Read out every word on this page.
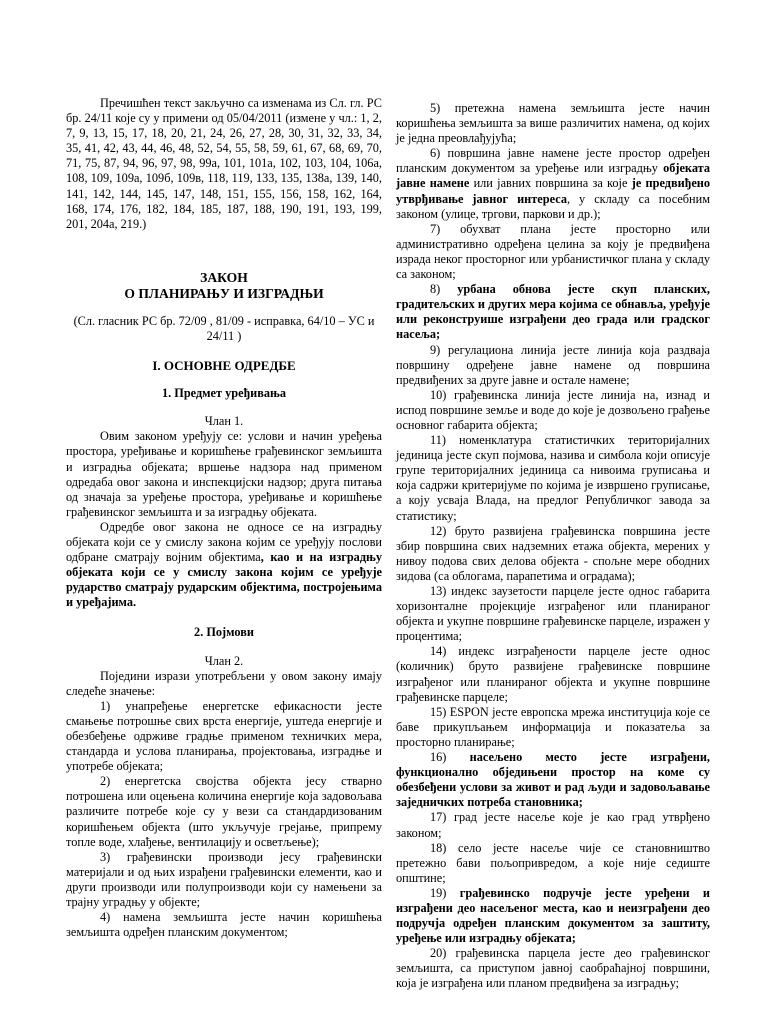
Пречишћен текст закључно са изменама из Сл. гл. РС бр. 24/11 које су у примени од 05/04/2011 (измене у чл.: 1, 2, 7, 9, 13, 15, 17, 18, 20, 21, 24, 26, 27, 28, 30, 31, 32, 33, 34, 35, 41, 42, 43, 44, 46, 48, 52, 54, 55, 58, 59, 61, 67, 68, 69, 70, 71, 75, 87, 94, 96, 97, 98, 99а, 101, 101а, 102, 103, 104, 106а, 108, 109, 109а, 109б, 109в, 118, 119, 133, 135, 138а, 139, 140, 141, 142, 144, 145, 147, 148, 151, 155, 156, 158, 162, 164, 168, 174, 176, 182, 184, 185, 187, 188, 190, 191, 193, 199, 201, 204а, 219.)

ЗАКОН

О ПЛАНИРАЊУ И ИЗГРАДЊИ

(Сл. гласник РС бр. 72/09 , 81/09 - исправка, 64/10 – УС и 24/11 )

I. ОСНОВНЕ ОДРЕДБЕ

1. Предмет уређивања

Члан 1.

Овим законом уређују се: услови и начин уређења простора, уређивање и коришћење грађевинског земљишта и изградња објеката; вршење надзора над применом одредаба овог закона и инспекцијски надзор; друга питања од значаја за уређење простора, уређивање и коришћење грађевинског земљишта и за изградњу објеката.

Одредбе овог закона не односе се на изградњу објеката који се у смислу закона којим се уређују послови одбране сматрају војним објектима, као и на изградњу објеката који се у смислу закона којим се уређује рударство сматрају рударским објектима, постројењима и уређајима.

2. Појмови

Члан 2.

Поједини изрази употребљени у овом закону имају следеће значење:

1) унапређење енергетске ефикасности јесте смањење потрошње свих врста енергије, уштеда енергије и обезбеђење одрживе градње применом техничких мера, стандарда и услова планирања, пројектовања, изградње и употребе објеката;

2) енергетска својства објекта јесу стварно потрошена или оцењена количина енергије која задовољава различите потребе које су у вези са стандардизованим коришћењем објекта (што укључује грејање, припрему топле воде, хлађење, вентилацију и осветљење);

3) грађевински производи јесу грађевински материјали и од њих израђени грађевински елементи, као и други производи или полупроизводи који су намењени за трајну уградњу у објекте;

4) намена земљишта јесте начин коришћења земљишта одређен планским документом;

5) претежна намена земљишта јесте начин коришћења земљишта за више различитих намена, од којих је једна преовлађујућа;

6) површина јавне намене јесте простор одређен планским документом за уређење или изградњу објеката јавне намене или јавних површина за које је предвиђено утврђивање јавног интереса, у складу са посебним законом (улице, тргови, паркови и др.);

7) обухват плана јесте просторно или административно одређена целина за коју је предвиђена израда неког просторног или урбанистичког плана у складу са законом;

8) урбана обнова јесте скуп планских, градитељских и других мера којима се обнавља, уређује или реконструише изграђени део града или градског насеља;

9) регулациона линија јесте линија која раздваја површину одређене јавне намене од површина предвиђених за друге јавне и остале намене;

10) грађевинска линија јесте линија на, изнад и испод површине земље и воде до које је дозвољено грађење основног габарита објекта;

11) номенклатура статистичких територијалних јединица јесте скуп појмова, назива и симбола који описује групе територијалних јединица са нивоима груписања и која садржи критеријуме по којима је извршено груписање, а коју усваја Влада, на предлог Републичког завода за статистику;

12) бруто развијена грађевинска површина јесте збир површина свих надземних етажа објекта, мерених у нивоу подова свих делова објекта - спољне мере ободних зидова (са облогама, парапетима и оградама);

13) индекс заузетости парцеле јесте однос габарита хоризонталне пројекције изграђеног или планираног објекта и укупне површине грађевинске парцеле, изражен у процентима;

14) индекс изграђености парцеле јесте однос (количник) бруто развијене грађевинске површине изграђеног или планираног објекта и укупне површине грађевинске парцеле;

15) ESPON јесте европска мрежа институција које се баве прикупљањем информација и показатеља за просторно планирање;

16) насељено место јесте изграђени, функционално обједињени простор на коме су обезбеђени услови за живот и рад људи и задовољавање заједничких потреба становника;

17) град јесте насеље које је као град утврђено законом;

18) село јесте насеље чије се становништво претежно бави пољопривредом, а које није седиште општине;

19) грађевинско подручје јесте уређени и изграђени део насељеног места, као и неизграђени део подручја одређен планским документом за заштиту, уређење или изградњу објеката;

20) грађевинска парцела јесте део грађевинског земљишта, са приступом јавној саобраћајној површини, која је изграђена или планом предвиђена за изградњу;
